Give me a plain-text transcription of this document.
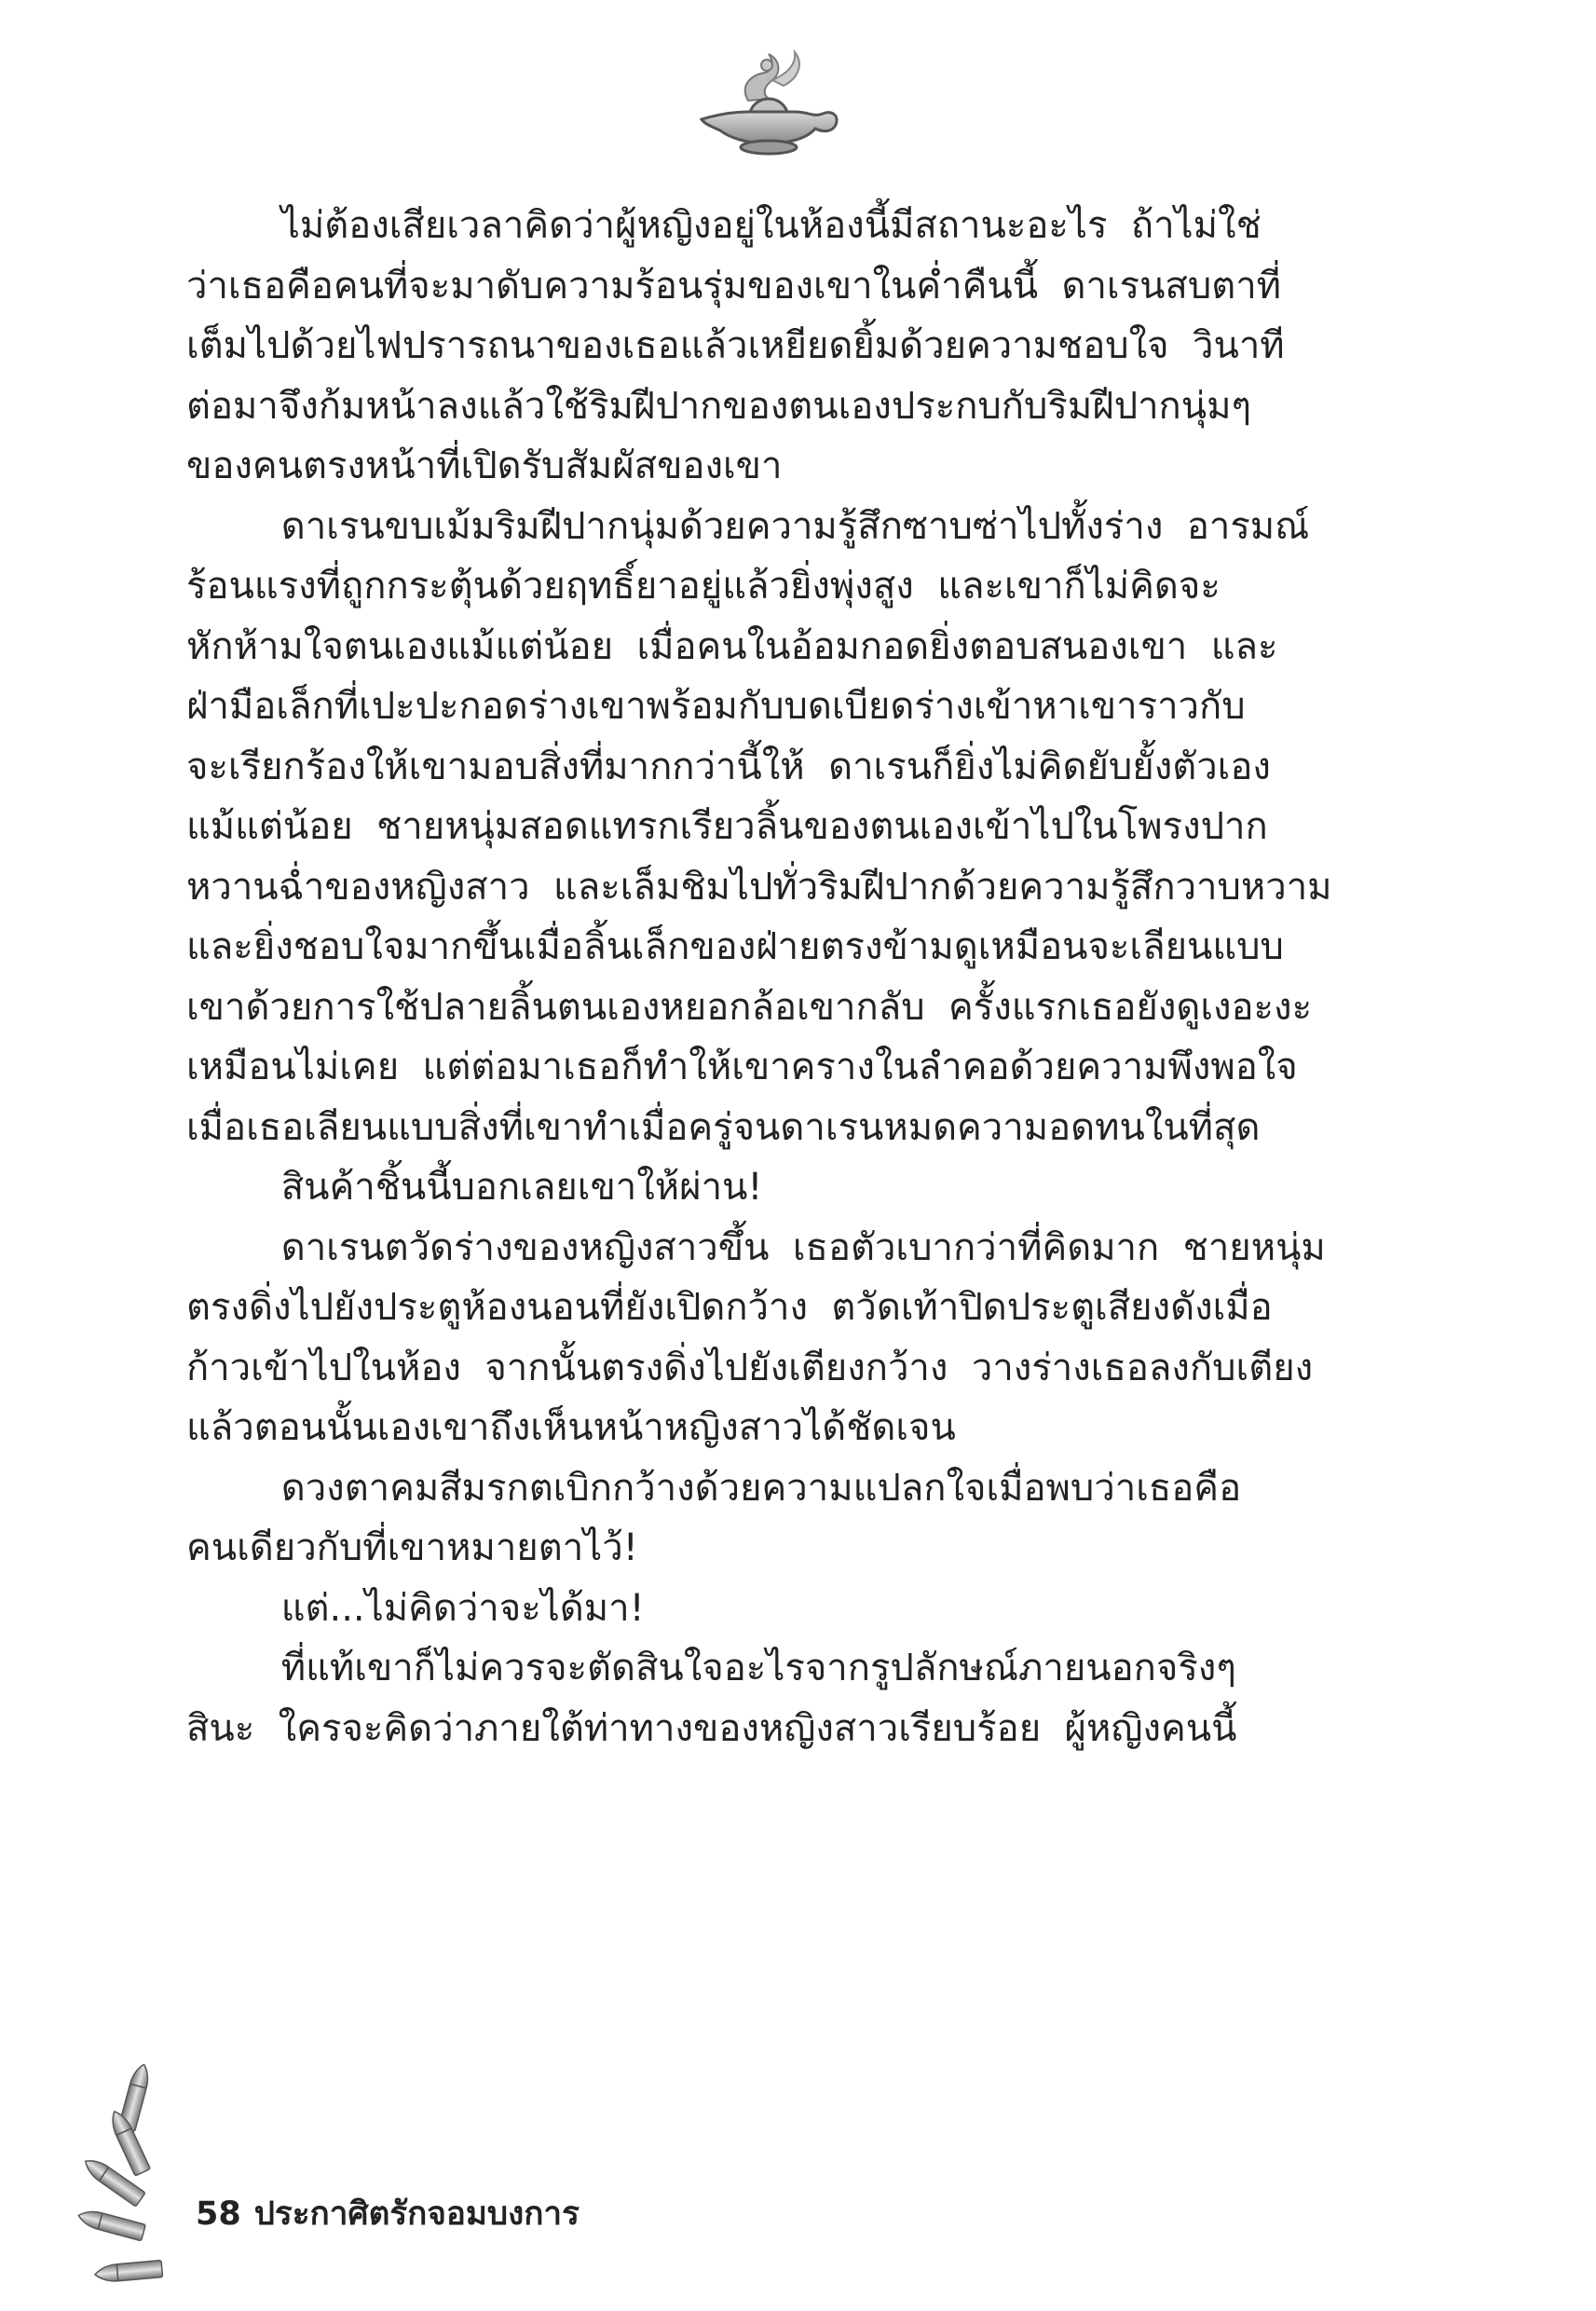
ไม่ต้องเสียเวลาคิดว่าผู้หญิงอยู่ในห้องนี้มีสถานะอะไร  ถ้าไม่ใช่
ว่าเธอคือคนที่จะมาดับความร้อนรุ่มของเขาในค่ำคืนนี้  ดาเรนสบตาที่
เต็มไปด้วยไฟปรารถนาของเธอแล้วเหยียดยิ้มด้วยความชอบใจ  วินาที
ต่อมาจึงก้มหน้าลงแล้วใช้ริมฝีปากของตนเองประกบกับริมฝีปากนุ่มๆ
ของคนตรงหน้าที่เปิดรับสัมผัสของเขา
ดาเรนขบเม้มริมฝีปากนุ่มด้วยความรู้สึกซาบซ่าไปทั้งร่าง  อารมณ์
ร้อนแรงที่ถูกกระตุ้นด้วยฤทธิ์ยาอยู่แล้วยิ่งพุ่งสูง  และเขาก็ไม่คิดจะ
หักห้ามใจตนเองแม้แต่น้อย  เมื่อคนในอ้อมกอดยิ่งตอบสนองเขา  และ
ฝ่ามือเล็กที่เปะปะกอดร่างเขาพร้อมกับบดเบียดร่างเข้าหาเขาราวกับ
จะเรียกร้องให้เขามอบสิ่งที่มากกว่านี้ให้  ดาเรนก็ยิ่งไม่คิดยับยั้งตัวเอง
แม้แต่น้อย  ชายหนุ่มสอดแทรกเรียวลิ้นของตนเองเข้าไปในโพรงปาก
หวานฉ่ำของหญิงสาว  และเล็มชิมไปทั่วริมฝีปากด้วยความรู้สึกวาบหวาม
และยิ่งชอบใจมากขึ้นเมื่อลิ้นเล็กของฝ่ายตรงข้ามดูเหมือนจะเลียนแบบ
เขาด้วยการใช้ปลายลิ้นตนเองหยอกล้อเขากลับ  ครั้งแรกเธอยังดูเงอะงะ
เหมือนไม่เคย  แต่ต่อมาเธอก็ทำให้เขาครางในลำคอด้วยความพึงพอใจ
เมื่อเธอเลียนแบบสิ่งที่เขาทำเมื่อครู่จนดาเรนหมดความอดทนในที่สุด
สินค้าชิ้นนี้บอกเลยเขาให้ผ่าน!
ดาเรนตวัดร่างของหญิงสาวขึ้น  เธอตัวเบากว่าที่คิดมาก  ชายหนุ่ม
ตรงดิ่งไปยังประตูห้องนอนที่ยังเปิดกว้าง  ตวัดเท้าปิดประตูเสียงดังเมื่อ
ก้าวเข้าไปในห้อง  จากนั้นตรงดิ่งไปยังเตียงกว้าง  วางร่างเธอลงกับเตียง
แล้วตอนนั้นเองเขาถึงเห็นหน้าหญิงสาวได้ชัดเจน
ดวงตาคมสีมรกตเบิกกว้างด้วยความแปลกใจเมื่อพบว่าเธอคือ
คนเดียวกับที่เขาหมายตาไว้!
แต่...ไม่คิดว่าจะได้มา!
ที่แท้เขาก็ไม่ควรจะตัดสินใจอะไรจากรูปลักษณ์ภายนอกจริงๆ
สินะ  ใครจะคิดว่าภายใต้ท่าทางของหญิงสาวเรียบร้อย  ผู้หญิงคนนี้
58 ประกาศิตรักจอมบงการ
